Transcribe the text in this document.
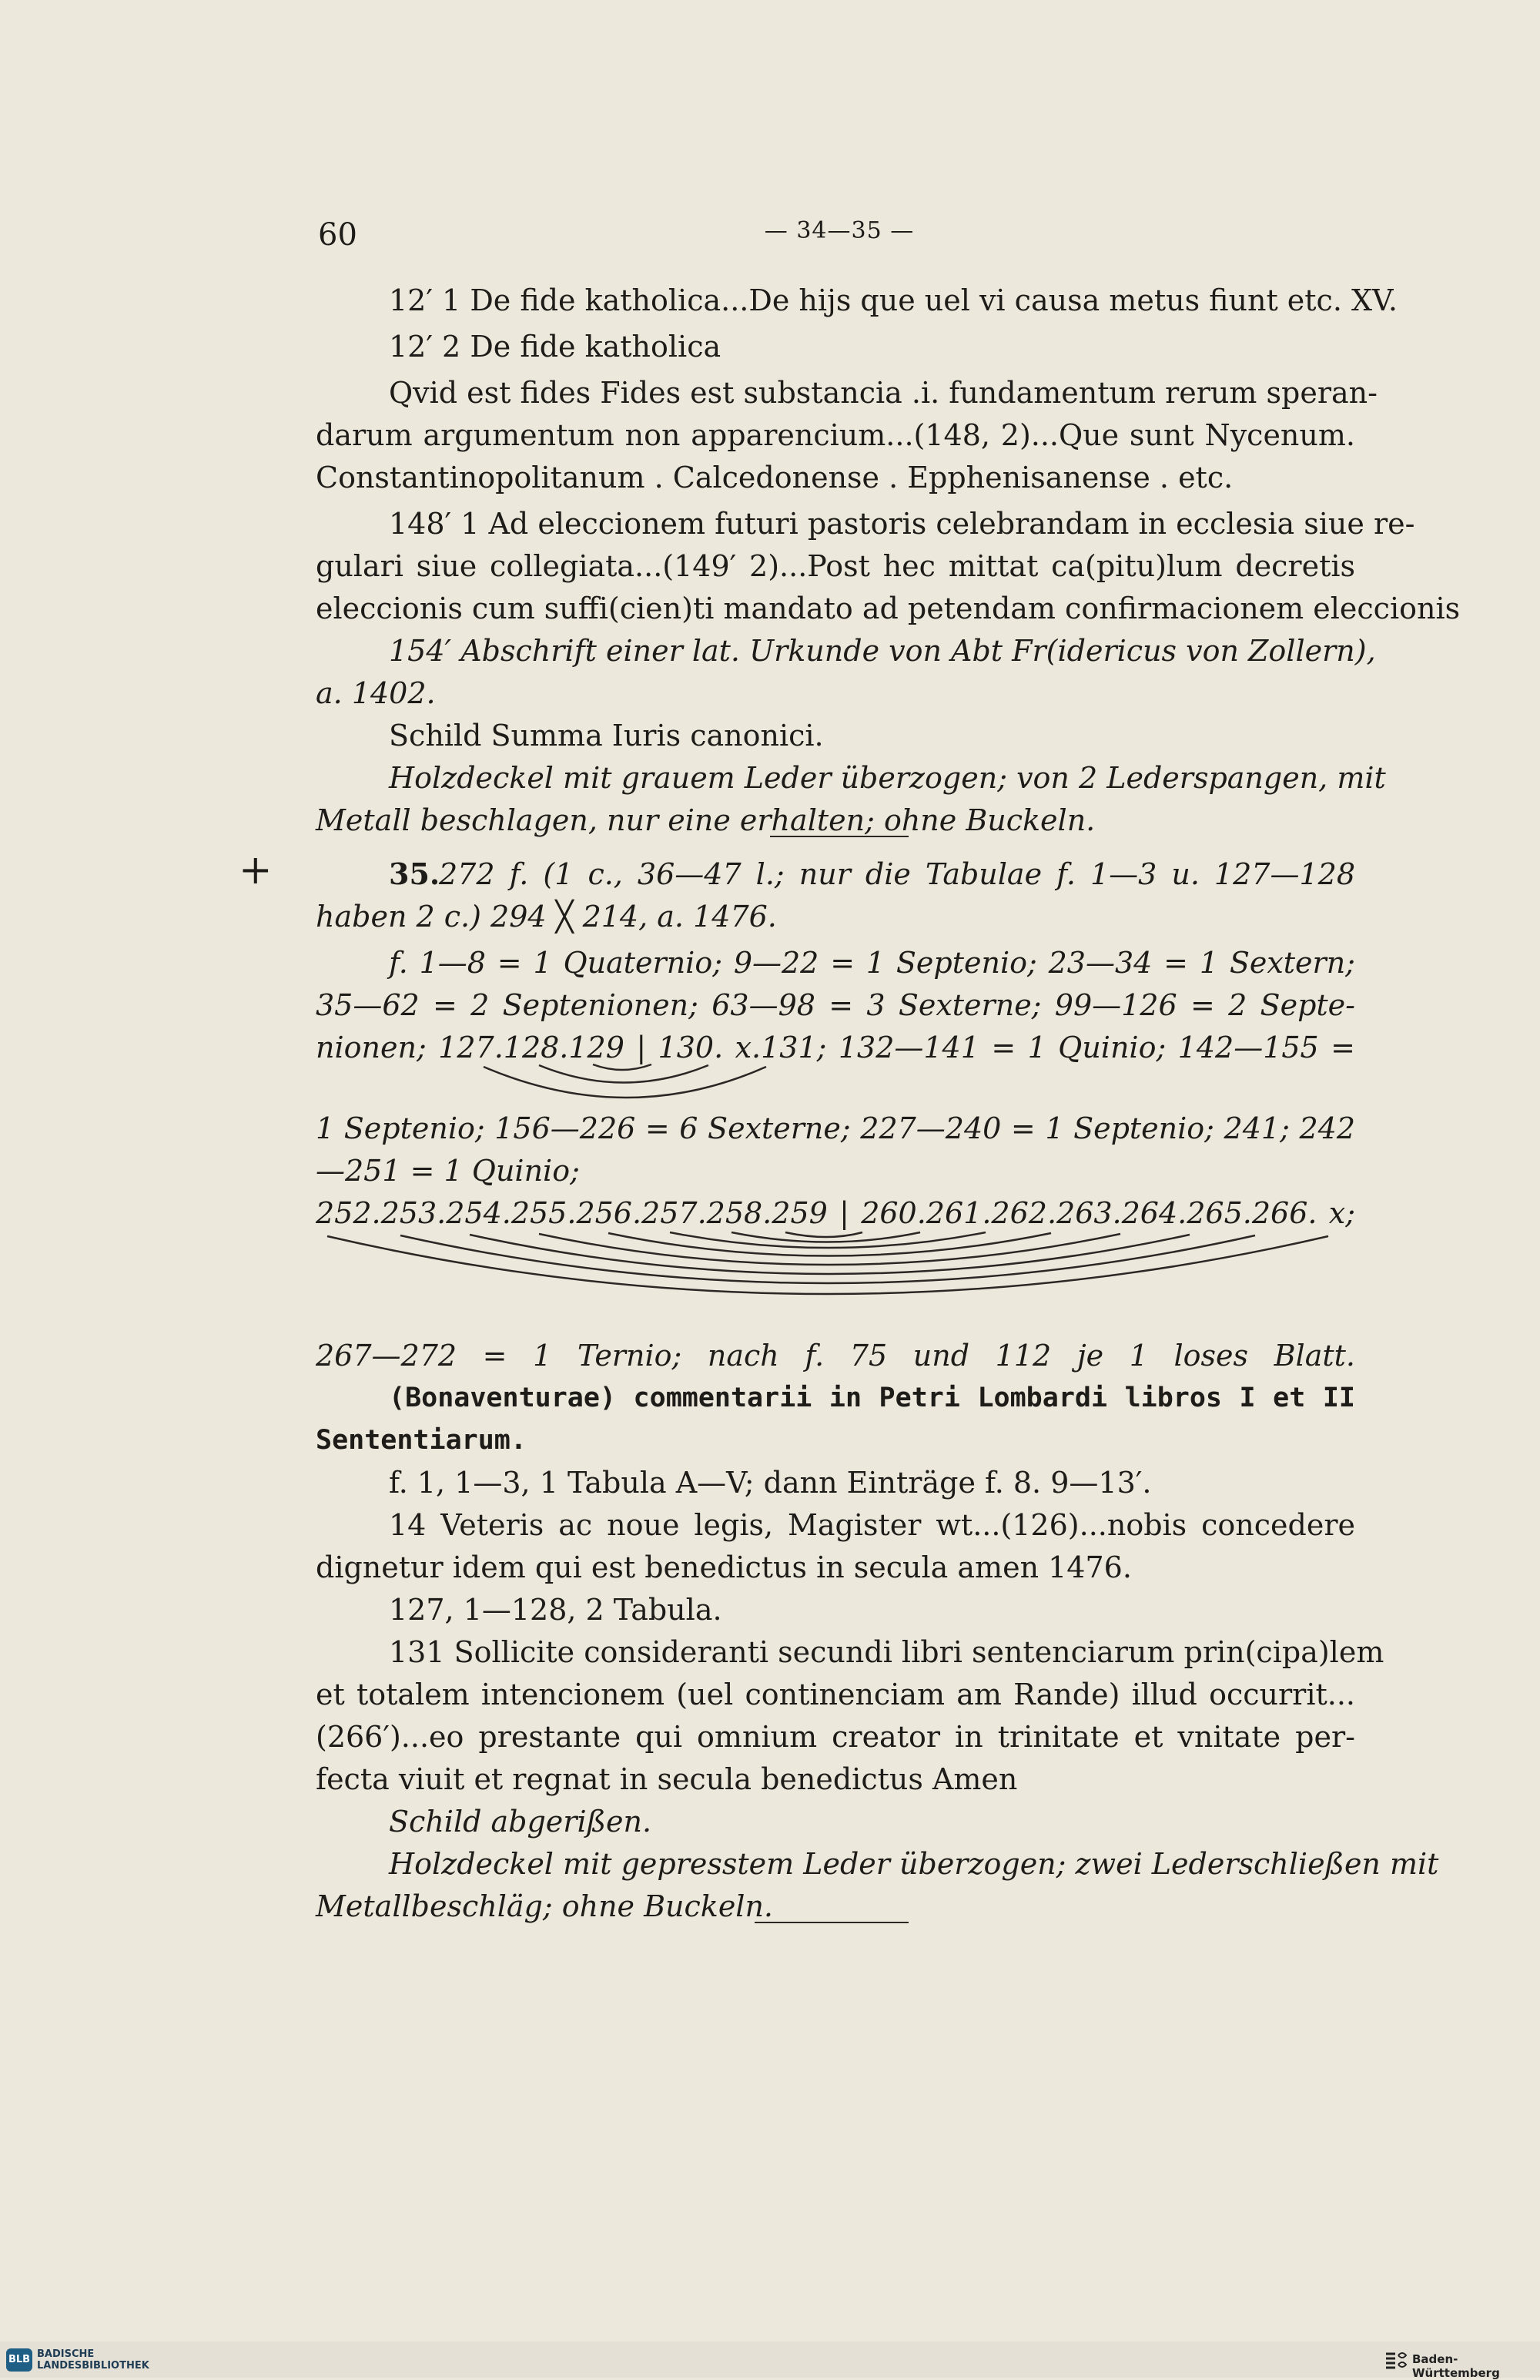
60	— 34—35 —
12′ 1 De fide katholica...De hijs que uel vi causa metus fiunt etc. XV.
12′ 2 De fide katholica
Qvid est fides Fides est substancia .i. fundamentum rerum speran-
darum argumentum non apparencium...(148, 2)...Que sunt Nycenum.
Constantinopolitanum . Calcedonense . Epphenisanense . etc.
148′ 1 Ad eleccionem futuri pastoris celebrandam in ecclesia siue re-
gulari siue collegiata...(149′ 2)...Post hec mittat ca(pitu)lum decretis
eleccionis cum suffi(cien)ti mandato ad petendam confirmacionem eleccionis
154′ Abschrift einer lat. Urkunde von Abt Fr(idericus von Zollern),
a. 1402.
Schild Summa Iuris canonici.
Holzdeckel mit grauem Leder überzogen; von 2 Lederspangen, mit
Metall beschlagen, nur eine erhalten; ohne Buckeln.
+	35.
272 f. (1 c., 36—47 l.; nur die Tabulae f. 1—3 u. 127—128
haben 2 c.) 294 ╳ 214, a. 1476.
f. 1—8 = 1 Quaternio; 9—22 = 1 Septenio; 23—34 = 1 Sextern;
35—62 = 2 Septenionen; 63—98 = 3 Sexterne; 99—126 = 2 Septe-
nionen; 127.128.129 | 130. x.131; 132—141 = 1 Quinio; 142—155 =
1 Septenio; 156—226 = 6 Sexterne; 227—240 = 1 Septenio; 241; 242
—251 = 1 Quinio;
252.253.254.255.256.257.258.259 | 260.261.262.263.264.265.266. x;
267—272 = 1 Ternio; nach f. 75 und 112 je 1 loses Blatt.
(Bonaventurae) commentarii in Petri Lombardi libros I et II
Sententiarum.
f. 1, 1—3, 1 Tabula A—V; dann Einträge f. 8. 9—13′.
14 Veteris ac noue legis, Magister wt...(126)...nobis concedere
dignetur idem qui est benedictus in secula amen 1476.
127, 1—128, 2 Tabula.
131 Sollicite consideranti secundi libri sentenciarum prin(cipa)lem
et totalem intencionem (uel continenciam am Rande) illud occurrit...
(266′)...eo prestante qui omnium creator in trinitate et vnitate per-
fecta viuit et regnat in secula benedictus Amen
Schild abgerißen.
Holzdeckel mit gepresstem Leder überzogen; zwei Lederschließen mit
Metallbeschläg; ohne Buckeln.
BLB BADISCHE
LANDESBIBLIOTHEK	Baden-Württemberg
